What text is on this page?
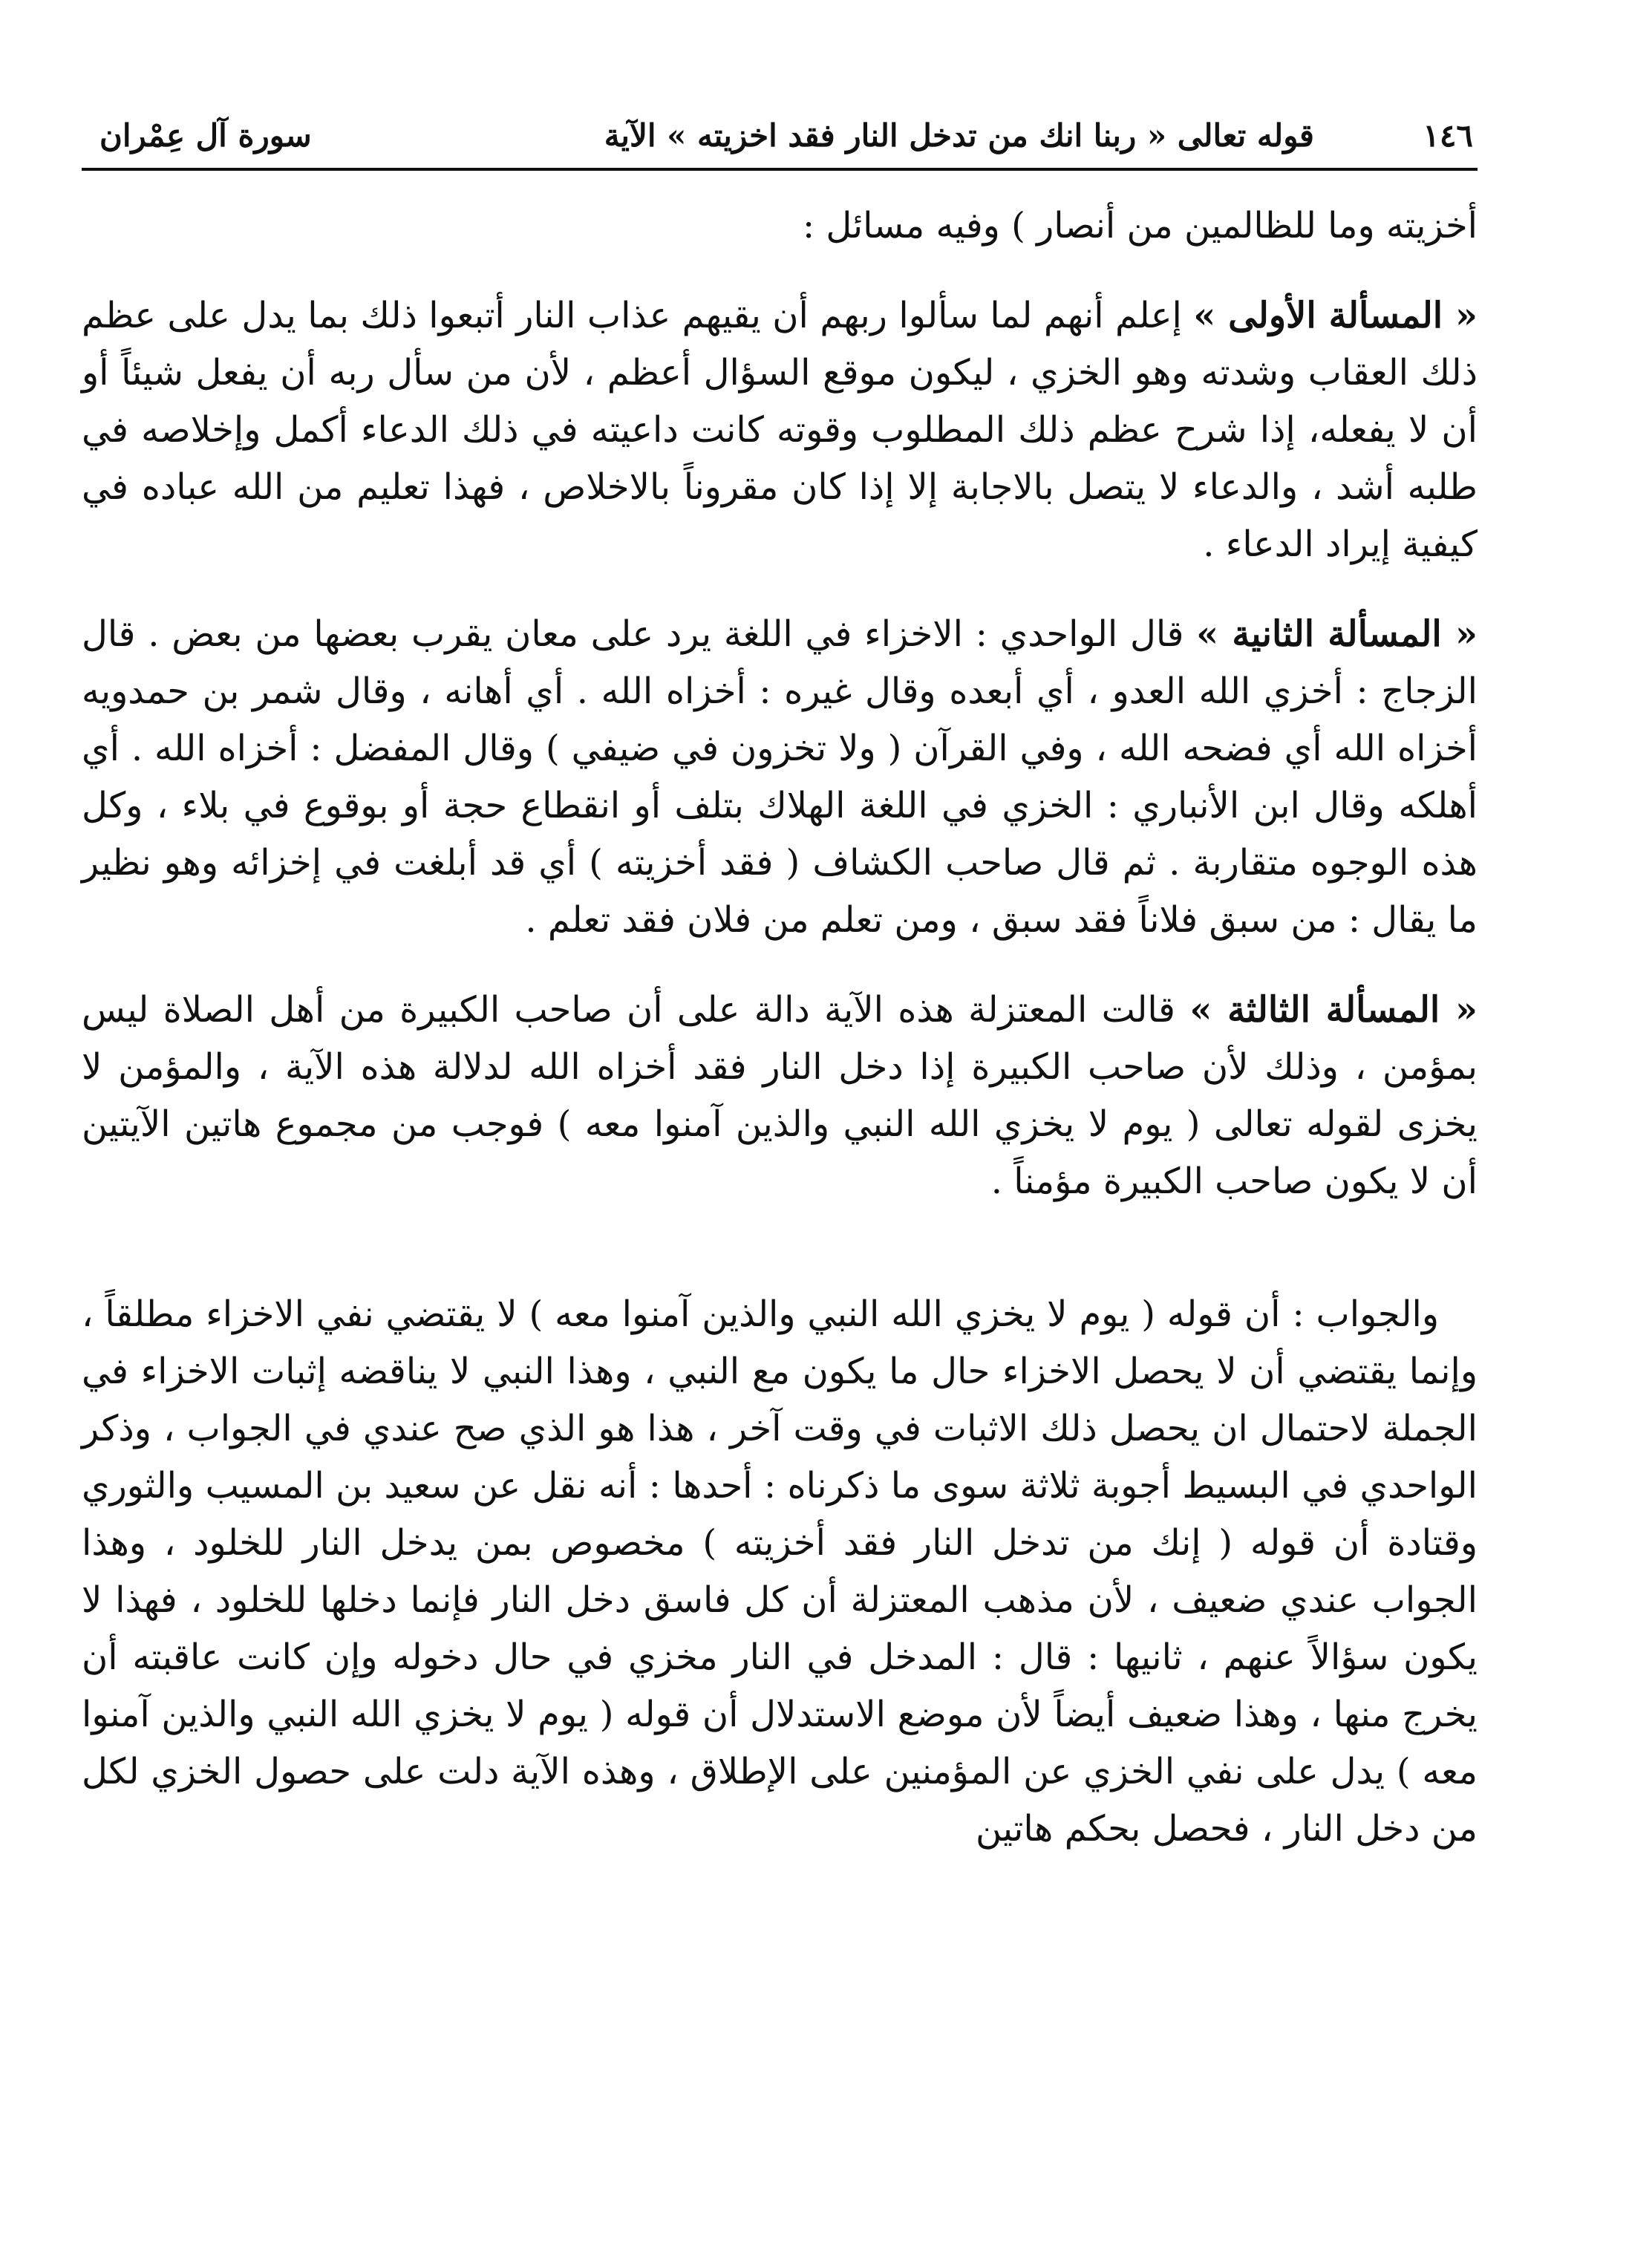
١٤٦
قوله تعالى « ربنا انك من تدخل النار فقد اخزيته » الآية
سورة آل عِمْران

أخزيته وما للظالمين من أنصار ) وفيه مسائل :

« المسألة الأولى » إعلم أنهم لما سألوا ربهم أن يقيهم عذاب النار أتبعوا ذلك بما يدل على عظم ذلك العقاب وشدته وهو الخزي ، ليكون موقع السؤال أعظم ، لأن من سأل ربه أن يفعل شيئاً أو أن لا يفعله، إذا شرح عظم ذلك المطلوب وقوته كانت داعيته في ذلك الدعاء أكمل وإخلاصه في طلبه أشد ، والدعاء لا يتصل بالاجابة إلا إذا كان مقروناً بالاخلاص ، فهذا تعليم من الله عباده في كيفية إيراد الدعاء .

« المسألة الثانية » قال الواحدي : الاخزاء في اللغة يرد على معان يقرب بعضها من بعض . قال الزجاج : أخزي الله العدو ، أي أبعده وقال غيره : أخزاه الله . أي أهانه ، وقال شمر بن حمدويه أخزاه الله أي فضحه الله ، وفي القرآن ( ولا تخزون في ضيفي ) وقال المفضل : أخزاه الله . أي أهلكه وقال ابن الأنباري : الخزي في اللغة الهلاك بتلف أو انقطاع حجة أو بوقوع في بلاء ، وكل هذه الوجوه متقاربة . ثم قال صاحب الكشاف ( فقد أخزيته ) أي قد أبلغت في إخزائه وهو نظير ما يقال : من سبق فلاناً فقد سبق ، ومن تعلم من فلان فقد تعلم .

« المسألة الثالثة » قالت المعتزلة هذه الآية دالة على أن صاحب الكبيرة من أهل الصلاة ليس بمؤمن ، وذلك لأن صاحب الكبيرة إذا دخل النار فقد أخزاه الله لدلالة هذه الآية ، والمؤمن لا يخزى لقوله تعالى ( يوم لا يخزي الله النبي والذين آمنوا معه ) فوجب من مجموع هاتين الآيتين أن لا يكون صاحب الكبيرة مؤمناً .

والجواب : أن قوله ( يوم لا يخزي الله النبي والذين آمنوا معه ) لا يقتضي نفي الاخزاء مطلقاً ، وإنما يقتضي أن لا يحصل الاخزاء حال ما يكون مع النبي ، وهذا النبي لا يناقضه إثبات الاخزاء في الجملة لاحتمال ان يحصل ذلك الاثبات في وقت آخر ، هذا هو الذي صح عندي في الجواب ، وذكر الواحدي في البسيط أجوبة ثلاثة سوى ما ذكرناه : أحدها : أنه نقل عن سعيد بن المسيب والثوري وقتادة أن قوله ( إنك من تدخل النار فقد أخزيته ) مخصوص بمن يدخل النار للخلود ، وهذا الجواب عندي ضعيف ، لأن مذهب المعتزلة أن كل فاسق دخل النار فإنما دخلها للخلود ، فهذا لا يكون سؤالاً عنهم ، ثانيها : قال : المدخل في النار مخزي في حال دخوله وإن كانت عاقبته أن يخرج منها ، وهذا ضعيف أيضاً لأن موضع الاستدلال أن قوله ( يوم لا يخزي الله النبي والذين آمنوا معه ) يدل على نفي الخزي عن المؤمنين على الإطلاق ، وهذه الآية دلت على حصول الخزي لكل من دخل النار ، فحصل بحكم هاتين
